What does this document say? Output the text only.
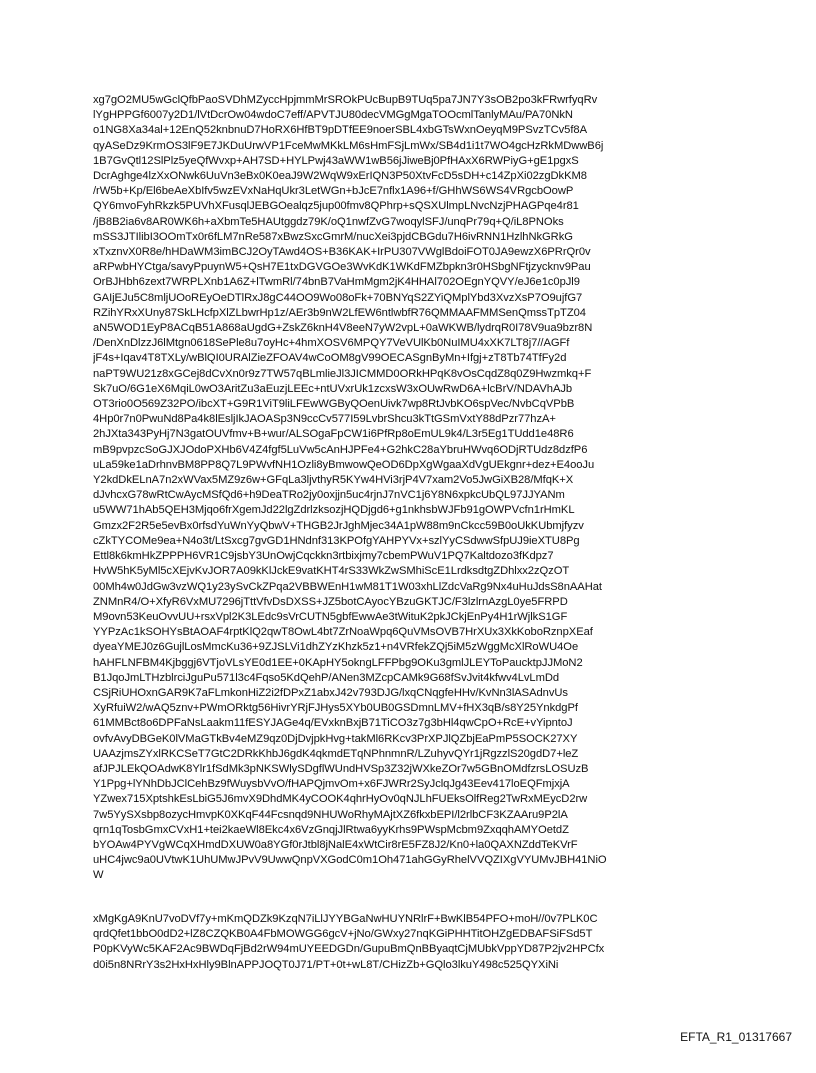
xg7gO2MU5wGclQfbPaoSVDhMZyccHpjmmMrSROkPUcBupB9TUq5pa7JN7Y3sOB2po3kFRwrfyqRv
lYgHPPGf6007y2D1/lVtDcrOw04wdoC7eff/APVTJU80decVMGgMgaTOOcmlTanlyMAu/PA70NkN
o1NG8Xa34al+12EnQ52knbnuD7HoRX6HfBT9pDTfEE9noerSBL4xbGTsWxnOeyqM9PSvzTCv5f8A
qyASeDz9KrmOS3lF9E7JKDuUrwVP1FceMwMKkLM6sHmFSjLmWx/SB4d1i1t7WO4gcHzRkMDwwB6j
1B7GvQtl12SlPlz5yeQfWvxp+AH7SD+HYLPwj43aWW1wB56jJiweBj0PfHAxX6RWPiyG+gE1pgxS
DcrAghge4lzXxONwk6UuVn3eBx0K0eaJ9W2WqW9xErIQN3P50XtvFcD5sDH+c14ZpXi02zgDkKM8
/rW5b+Kp/El6beAeXbIfv5wzEVxNaHqUkr3LetWGn+bJcE7nflx1A96+f/GHhWS6WS4VRgcbOowP
QY6mvoFyhRkzk5PUVhXFusqlJEBGOealqz5jup00fmv8QPhrp+sQSXUlmpLNvcNzjPHAGPqe4r81
/jB8B2ia6v8AR0WK6h+aXbmTe5HAUtggdz79K/oQ1nwfZvG7woqylSFJ/unqPr79q+Q/iL8PNOks
mSS3JTIlibI3OOmTx0r6fLM7nRe587xBwzSxcGmrM/nucXei3pjdCBGdu7H6ivRNN1HzlhNkGRkG
xTxznvX0R8e/hHDaWM3imBCJ2OyTAwd4OS+B36KAK+IrPU307VWglBdoiFOT0JA9ewzX6PRrQr0v
aRPwbHYCtga/savyPpuynW5+QsH7E1txDGVGOe3WvKdK1WKdFMZbpkn3r0HSbgNFtjzycknv9Pau
OrBJHbh6zext7WRPLXnb1A6Z+lTwmRl/74bnB7VaHmMgm2jK4HHAl702OEgnYQVY/eJ6e1c0pJl9
GAIjEJu5C8mljUOoREyOeDTlRxJ8gC44OO9Wo08oFk+70BNYqS2ZYiQMplYbd3XvzXsP7O9ujfG7
RZihYRxXUny87SkLHcfpXlZLbwrHp1z/AEr3b9nW2LfEW6ntlwbfR76QMMAAFMMSenQmssTpTZ04
aN5WOD1EyP8ACqB51A868aUgdG+ZskZ6knH4V8eeN7yW2vpL+0aWKWB/lydrqR0I78V9ua9bzr8N
/DenXnDlzzJ6lMtgn0618SePle8u7oyHc+4hmXOSV6MPQY7VeVUlKb0NuIMU4xXK7LT8j7//AGFf
jF4s+Iqav4T8TXLy/wBlQI0URAlZieZFOAV4wCoOM8gV99OECASgnByMn+Ifgj+zT8Tb74TfFy2d
naPT9WU21z8xGCej8dCvXn0r9z7TW57qBLmlieJl3JICMMD0ORkHPqK8vOsCqdZ8q0Z9Hwzmkq+F
Sk7uO/6G1eX6MqiL0wO3AritZu3aEuzjLEEc+ntUVxrUk1zcxsW3xOUwRwD6A+lcBrV/NDAVhAJb
OT3rio0O569Z32PO/ibcXT+G9R1ViT9liLFEwWGByQOenUivk7wp8RtJvbKO6spVec/NvbCqVPbB
4Hp0r7n0PwuNd8Pa4k8lEsljIkJAOASp3N9ccCv577I59LvbrShcu3kTtGSmVxtY88dPzr77hzA+
2hJXta343PyHj7N3gatOUVfmv+B+wur/ALSOgaFpCW1i6PfRp8oEmUL9k4/L3r5Eg1TUdd1e48R6
mB9pvpzcSoGJXJOdoPXHb6V4Z4fgf5LuVw5cAnHJPFe4+G2hkC28aYbruHWvq6ODjRTUdz8dzfP6
uLa59ke1aDrhnvBM8PP8Q7L9PWvfNH1Ozli8yBmwowQeOD6DpXgWgaaXdVgUEkgnr+dez+E4ooJu
Y2kdDkELnA7n2xWVax5MZ9z6w+GFqLa3ljvthyR5KYw4HVi3rjP4V7xam2Vo5JwGiXB28/MfqK+X
dJvhcxG78wRtCwAycMSfQd6+h9DeaTRo2jy0oxjjn5uc4rjnJ7nVC1j6Y8N6xpkcUbQL97JJYANm
u5WW71hAb5QEH3Mjqo6frXgemJd22lgZdrlzksozjHQDjgd6+g1nkhsbWJFb91gOWPVcfn1rHmKL
Gmzx2F2R5e5evBx0rfsdYuWnYyQbwV+THGB2JrJghMjec34A1pW88m9nCkcc59B0oUkKUbmjfyzv
cZkTYCOMe9ea+N4o3t/LtSxcg7gvGD1HNdnf313KPOfgYAHPYVx+szlYyCSdwwSfpUJ9ieXTU8Pg
Ettl8k6kmHkZPPPH6VR1C9jsbY3UnOwjCqckkn3rtbixjmy7cbemPWuV1PQ7Kaltdozo3fKdpz7
HvW5hK5yMl5cXEjvKvJOR7A09kKlJckE9vatKHT4rS33WkZwSMhiScE1LrdksdtgZDhlxx2zQzOT
00Mh4w0JdGw3vzWQ1y23ySvCkZPqa2VBBWEnH1wM81T1W03xhLlZdcVaRg9Nx4uHuJdsS8nAAHat
ZNMnR4/O+XfyR6VxMU7296jTttVfvDsDXSS+JZ5botCAyocYBzuGKTJC/F3lzlrnAzgL0ye5FRPD
M9ovn53KeuOvvUU+rsxVpl2K3LEdc9sVrCUTN5gbfEwwAe3tWituK2pkJCkjEnPy4H1rWjlkS1GF
YYPzAc1kSOHYsBtAOAF4rptKlQ2qwT8OwL4bt7ZrNoaWpq6QuVMsOVB7HrXUx3XkKoboRznpXEaf
dyeaYMEJ0z6GujlLosMmcKu36+9ZJSLVi1dhZYzKhzk5z1+n4VRfekZQj5iM5zWggMcXlRoWU4Oe
hAHFLNFBM4Kjbggj6VTjoVLsYE0d1EE+0KApHY5okngLFFPbg9OKu3gmlJLEYToPaucktpJJMoN2
B1JqoJmLTHzblrciJguPu571l3c4Fqso5KdQehP/ANen3MZcpCAMk9G68fSvJvit4kfwv4LvLmDd
CSjRiUHOxnGAR9K7aFLmkonHiZ2i2fDPxZ1abxJ42v793DJG/lxqCNqgfeHHv/KvNn3lASAdnvUs
XyRfuiW2/wAQ5znv+PWmORktg56HivrYRjFJHys5XYb0UB0GSDmnLMV+fHX3qB/s8Y25YnkdgPf
61MMBct8o6DPFaNsLaakm11fESYJAGe4q/EVxknBxjB71TiCO3z7g3bHl4qwCpO+RcE+vYipntoJ
ovfvAvyDBGeK0lVMaGTkBv4eMZ9qz0DjDvjpkHvg+takMl6RKcv3PrXPJlQZbjEaPmP5SOCK27XY
UAAzjmsZYxlRKCSeT7GtC2DRkKhbJ6gdK4qkmdETqNPhnmnR/LZuhyvQYr1jRgzzlS20gdD7+leZ
afJPJLEkQOAdwK8Ylr1fSdMk3pNKSWlySDgflWUndHVSp3Z32jWXkeZOr7w5GBnOMdfzrsLOSUzB
Y1Ppg+lYNhDbJClCehBz9fWuysbVvO/fHAPQjmvOm+x6FJWRr2SyJclqJg43Eev417loEQFmjxjA
YZwex715XptshkEsLbiG5J6mvX9DhdMK4yCOOK4qhrHyOv0qNJLhFUEksOlfReg2TwRxMEycD2rw
7w5YySXsbp8ozycHmvpK0XKqF44Fcsnqd9NHUWoRhyMAjtXZ6fkxbEPI/l2rlbCF3KZAAru9P2lA
qrn1qTosbGmxCVxH1+tei2kaeWl8Ekc4x6VzGnqjJlRtwa6yyKrhs9PWspMcbm9ZxqqhAMYOetdZ
bYOAw4PYVgWCqXHmdDXUW0a8YGf0rJtbl8jNalE4xWtCir8rE5FZ8J2/Kn0+la0QAXNZddTeKVrF
uHC4jwc9a0UVtwK1UhUMwJPvV9UwwQnpVXGodC0m1Oh471ahGGyRhelVVQZIXgVYUMvJBH41NiO
W
xMgKgA9KnU7voDVf7y+mKmQDZk9KzqN7iLlJYYBGaNwHUYNRlrF+BwKlB54PFO+moH//0v7PLK0C
qrdQfet1bbO0dD2+lZ8CZQKB0A4FbMOWGG6gcV+jNo/GWxy27nqKGiPHHTitOHZgEDBAFSiFSd5T
P0pKVyWc5KAF2Ac9BWDqFjBd2rW94mUYEEDGDn/GupuBmQnBByaqtCjMUbkVppYD87P2jv2HPCfx
d0i5n8NRrY3s2HxHxHly9BlnAPPJOQT0J71/PT+0t+wL8T/CHizZb+GQlo3lkuY498c525QYXiNi
EFTA_R1_01317667
